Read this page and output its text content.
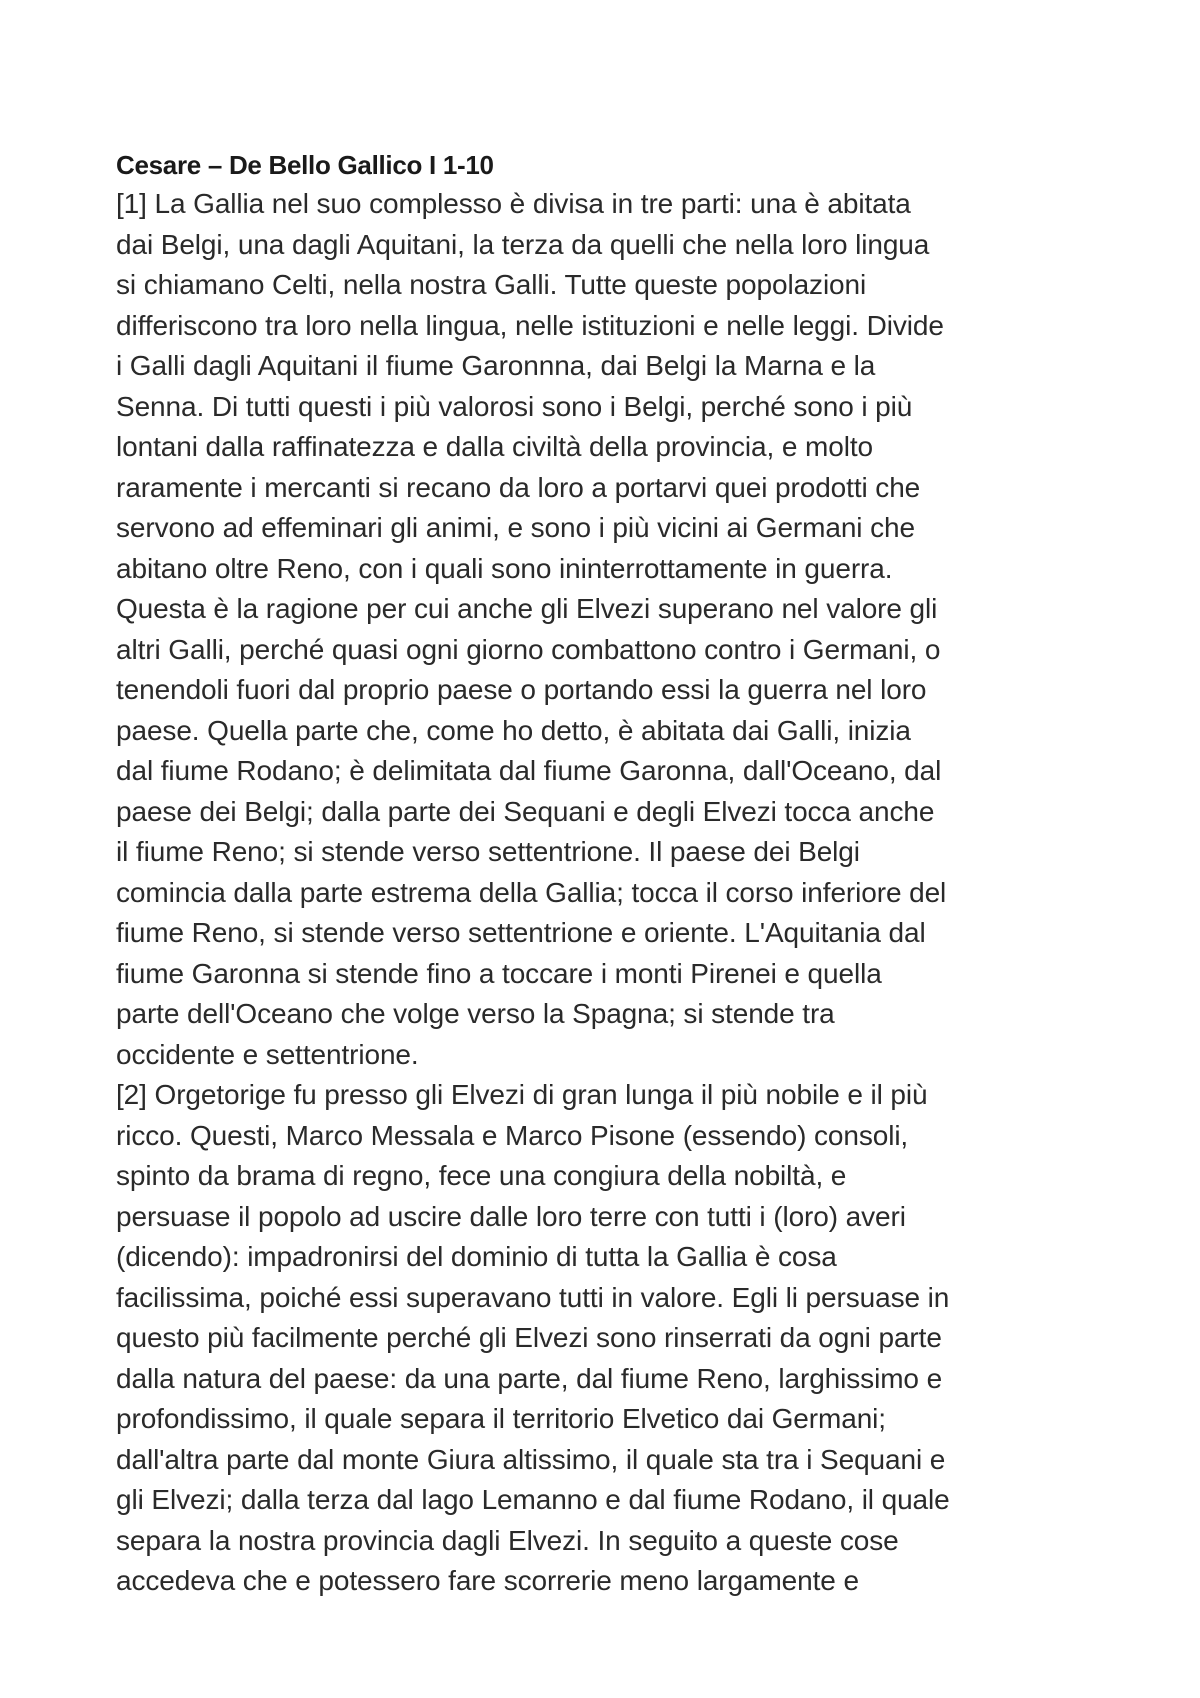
Cesare – De Bello Gallico I 1-10
[1] La Gallia nel suo complesso è divisa in tre parti: una è abitata
dai Belgi, una dagli Aquitani, la terza da quelli che nella loro lingua
si chiamano Celti, nella nostra Galli. Tutte queste popolazioni
differiscono tra loro nella lingua, nelle istituzioni e nelle leggi. Divide
i Galli dagli Aquitani il fiume Garonnna, dai Belgi la Marna e la
Senna. Di tutti questi i più valorosi sono i Belgi, perché sono i più
lontani dalla raffinatezza e dalla civiltà della provincia, e molto
raramente i mercanti si recano da loro a portarvi quei prodotti che
servono ad effeminari gli animi, e sono i più vicini ai Germani che
abitano oltre Reno, con i quali sono ininterrottamente in guerra.
Questa è la ragione per cui anche gli Elvezi superano nel valore gli
altri Galli, perché quasi ogni giorno combattono contro i Germani, o
tenendoli fuori dal proprio paese o portando essi la guerra nel loro
paese. Quella parte che, come ho detto, è abitata dai Galli, inizia
dal fiume Rodano; è delimitata dal fiume Garonna, dall'Oceano, dal
paese dei Belgi; dalla parte dei Sequani e degli Elvezi tocca anche
il fiume Reno; si stende verso settentrione. Il paese dei Belgi
comincia dalla parte estrema della Gallia; tocca il corso inferiore del
fiume Reno, si stende verso settentrione e oriente. L'Aquitania dal
fiume Garonna si stende fino a toccare i monti Pirenei e quella
parte dell'Oceano che volge verso la Spagna; si stende tra
occidente e settentrione.
[2] Orgetorige fu presso gli Elvezi di gran lunga il più nobile e il più
ricco. Questi, Marco Messala e Marco Pisone (essendo) consoli,
spinto da brama di regno, fece una congiura della nobiltà, e
persuase il popolo ad uscire dalle loro terre con tutti i (loro) averi
(dicendo): impadronirsi del dominio di tutta la Gallia è cosa
facilissima, poiché essi superavano tutti in valore. Egli li persuase in
questo più facilmente perché gli Elvezi sono rinserrati da ogni parte
dalla natura del paese: da una parte, dal fiume Reno, larghissimo e
profondissimo, il quale separa il territorio Elvetico dai Germani;
dall'altra parte dal monte Giura altissimo, il quale sta tra i Sequani e
gli Elvezi; dalla terza dal lago Lemanno e dal fiume Rodano, il quale
separa la nostra provincia dagli Elvezi. In seguito a queste cose
accedeva che e potessero fare scorrerie meno largamente e
